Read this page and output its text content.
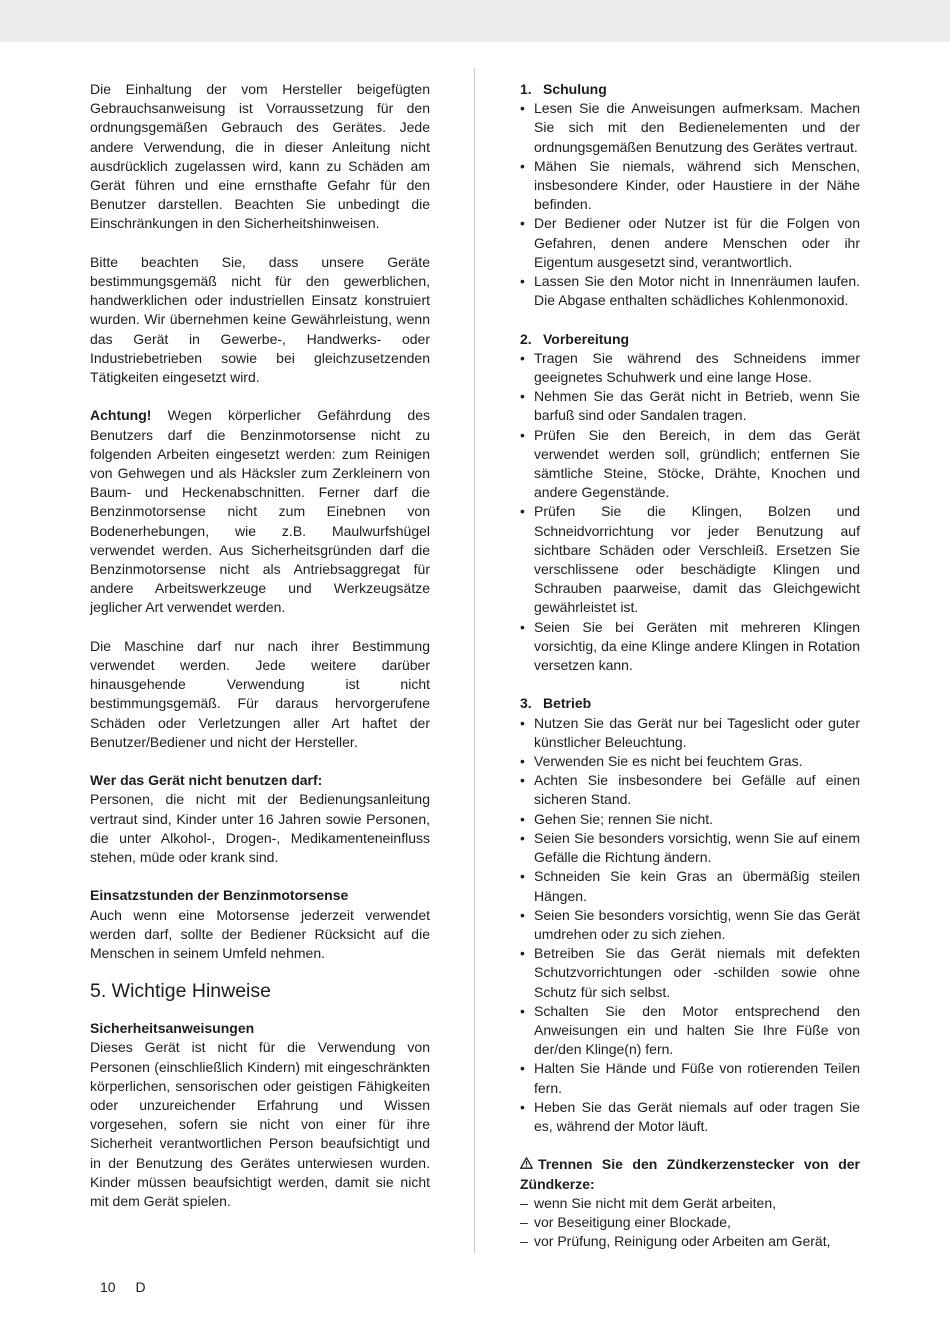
Die Einhaltung der vom Hersteller beigefügten Gebrauchsanweisung ist Vorraussetzung für den ordnungsgemäßen Gebrauch des Gerätes. Jede andere Verwendung, die in dieser Anleitung nicht ausdrücklich zugelassen wird, kann zu Schäden am Gerät führen und eine ernsthafte Gefahr für den Benutzer darstellen. Beachten Sie unbedingt die Einschränkungen in den Sicherheitshinweisen.

Bitte beachten Sie, dass unsere Geräte bestimmungsgemäß nicht für den gewerblichen, handwerklichen oder industriellen Einsatz konstruiert wurden. Wir übernehmen keine Gewährleistung, wenn das Gerät in Gewerbe-, Handwerks- oder Industriebetrieben sowie bei gleichzusetzenden Tätigkeiten eingesetzt wird.

Achtung! Wegen körperlicher Gefährdung des Benutzers darf die Benzinmotorsense nicht zu folgenden Arbeiten eingesetzt werden: zum Reinigen von Gehwegen und als Häcksler zum Zerkleinern von Baum- und Heckenabschnitten. Ferner darf die Benzinmotorsense nicht zum Einebnen von Bodenerhebungen, wie z.B. Maulwurfshügel verwendet werden. Aus Sicherheitsgründen darf die Benzinmotorsense nicht als Antriebsaggregat für andere Arbeitswerkzeuge und Werkzeugsätze jeglicher Art verwendet werden.

Die Maschine darf nur nach ihrer Bestimmung verwendet werden. Jede weitere darüber hinausgehende Verwendung ist nicht bestimmungsgemäß. Für daraus hervorgerufene Schäden oder Verletzungen aller Art haftet der Benutzer/Bediener und nicht der Hersteller.

Wer das Gerät nicht benutzen darf:

Personen, die nicht mit der Bedienungsanleitung vertraut sind, Kinder unter 16 Jahren sowie Personen, die unter Alkohol-, Drogen-, Medikamenteneinfluss stehen, müde oder krank sind.

Einsatzstunden der Benzinmotorsense

Auch wenn eine Motorsense jederzeit verwendet werden darf, sollte der Bediener Rücksicht auf die Menschen in seinem Umfeld nehmen.

5. Wichtige Hinweise

Sicherheitsanweisungen

Dieses Gerät ist nicht für die Verwendung von Personen (einschließlich Kindern) mit eingeschränkten körperlichen, sensorischen oder geistigen Fähigkeiten oder unzureichender Erfahrung und Wissen vorgesehen, sofern sie nicht von einer für ihre Sicherheit verantwortlichen Person beaufsichtigt und in der Benutzung des Gerätes unterwiesen wurden. Kinder müssen beaufsichtigt werden, damit sie nicht mit dem Gerät spielen.

1. Schulung

• Lesen Sie die Anweisungen aufmerksam. Machen Sie sich mit den Bedienelementen und der ordnungsgemäßen Benutzung des Gerätes vertraut.
• Mähen Sie niemals, während sich Menschen, insbesondere Kinder, oder Haustiere in der Nähe befinden.
• Der Bediener oder Nutzer ist für die Folgen von Gefahren, denen andere Menschen oder ihr Eigentum ausgesetzt sind, verantwortlich.
• Lassen Sie den Motor nicht in Innenräumen laufen. Die Abgase enthalten schädliches Kohlenmonoxid.

2. Vorbereitung

• Tragen Sie während des Schneidens immer geeignetes Schuhwerk und eine lange Hose.
• Nehmen Sie das Gerät nicht in Betrieb, wenn Sie barfuß sind oder Sandalen tragen.
• Prüfen Sie den Bereich, in dem das Gerät verwendet werden soll, gründlich; entfernen Sie sämtliche Steine, Stöcke, Drähte, Knochen und andere Gegenstände.
• Prüfen Sie die Klingen, Bolzen und Schneidvorrichtung vor jeder Benutzung auf sichtbare Schäden oder Verschleiß. Ersetzen Sie verschlissene oder beschädigte Klingen und Schrauben paarweise, damit das Gleichgewicht gewährleistet ist.
• Seien Sie bei Geräten mit mehreren Klingen vorsichtig, da eine Klinge andere Klingen in Rotation versetzen kann.

3. Betrieb

• Nutzen Sie das Gerät nur bei Tageslicht oder guter künstlicher Beleuchtung.
• Verwenden Sie es nicht bei feuchtem Gras.
• Achten Sie insbesondere bei Gefälle auf einen sicheren Stand.
• Gehen Sie; rennen Sie nicht.
• Seien Sie besonders vorsichtig, wenn Sie auf einem Gefälle die Richtung ändern.
• Schneiden Sie kein Gras an übermäßig steilen Hängen.
• Seien Sie besonders vorsichtig, wenn Sie das Gerät umdrehen oder zu sich ziehen.
• Betreiben Sie das Gerät niemals mit defekten Schutzvorrichtungen oder -schilden sowie ohne Schutz für sich selbst.
• Schalten Sie den Motor entsprechend den Anweisungen ein und halten Sie Ihre Füße von der/den Klinge(n) fern.
• Halten Sie Hände und Füße von rotierenden Teilen fern.
• Heben Sie das Gerät niemals auf oder tragen Sie es, während der Motor läuft.

Trennen Sie den Zündkerzenstecker von der Zündkerze:

– wenn Sie nicht mit dem Gerät arbeiten,
– vor Beseitigung einer Blockade,
– vor Prüfung, Reinigung oder Arbeiten am Gerät,
10 D
